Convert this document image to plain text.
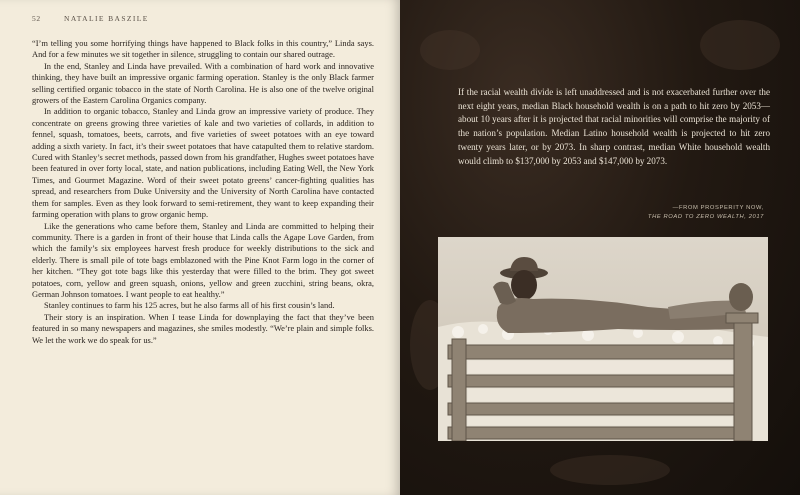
52	NATALIE BASZILE

“I’m telling you some horrifying things have happened to Black folks in this country,” Linda says. And for a few minutes we sit together in silence, struggling to contain our shared outrage.

In the end, Stanley and Linda have prevailed. With a combination of hard work and innovative thinking, they have built an impressive organic farming operation. Stanley is the only Black farmer selling certified organic tobacco in the state of North Carolina. He is also one of the twelve original growers of the Eastern Carolina Organics company.

In addition to organic tobacco, Stanley and Linda grow an impressive variety of produce. They concentrate on greens growing three varieties of kale and two varieties of collards, in addition to fennel, squash, tomatoes, beets, carrots, and five varieties of sweet potatoes with an eye toward adding a sixth variety. In fact, it’s their sweet potatoes that have catapulted them to relative stardom. Cured with Stanley’s secret methods, passed down from his grandfather, Hughes sweet potatoes have been featured in over forty local, state, and nation publications, including Eating Well, the New York Times, and Gourmet Magazine. Word of their sweet potato greens’ cancer-fighting qualities has spread, and researchers from Duke University and the University of North Carolina have contacted them for samples. Even as they look forward to semi-retirement, they want to keep expanding their farming operation with plans to grow organic hemp.

Like the generations who came before them, Stanley and Linda are committed to helping their community. There is a garden in front of their house that Linda calls the Agape Love Garden, from which the family’s six employees harvest fresh produce for weekly distributions to the sick and elderly. There is small pile of tote bags emblazoned with the Pine Knot Farm logo in the corner of her kitchen. “They got tote bags like this yesterday that were filled to the brim. They got sweet potatoes, corn, yellow and green squash, onions, yellow and green zucchini, string beans, okra, German Johnson tomatoes. I want people to eat healthy.”

Stanley continues to farm his 125 acres, but he also farms all of his first cousin’s land.

Their story is an inspiration. When I tease Linda for downplaying the fact that they’ve been featured in so many newspapers and magazines, she smiles modestly. “We’re plain and simple folks. We let the work we do speak for us.”

If the racial wealth divide is left unaddressed and is not exacerbated further over the next eight years, median Black household wealth is on a path to hit zero by 2053—about 10 years after it is projected that racial minorities will comprise the majority of the nation’s population. Median Latino household wealth is projected to hit zero twenty years later, or by 2073. In sharp contrast, median White household wealth would climb to $137,000 by 2053 and $147,000 by 2073.
—FROM PROSPERITY NOW,
THE ROAD TO ZERO WEALTH, 2017
